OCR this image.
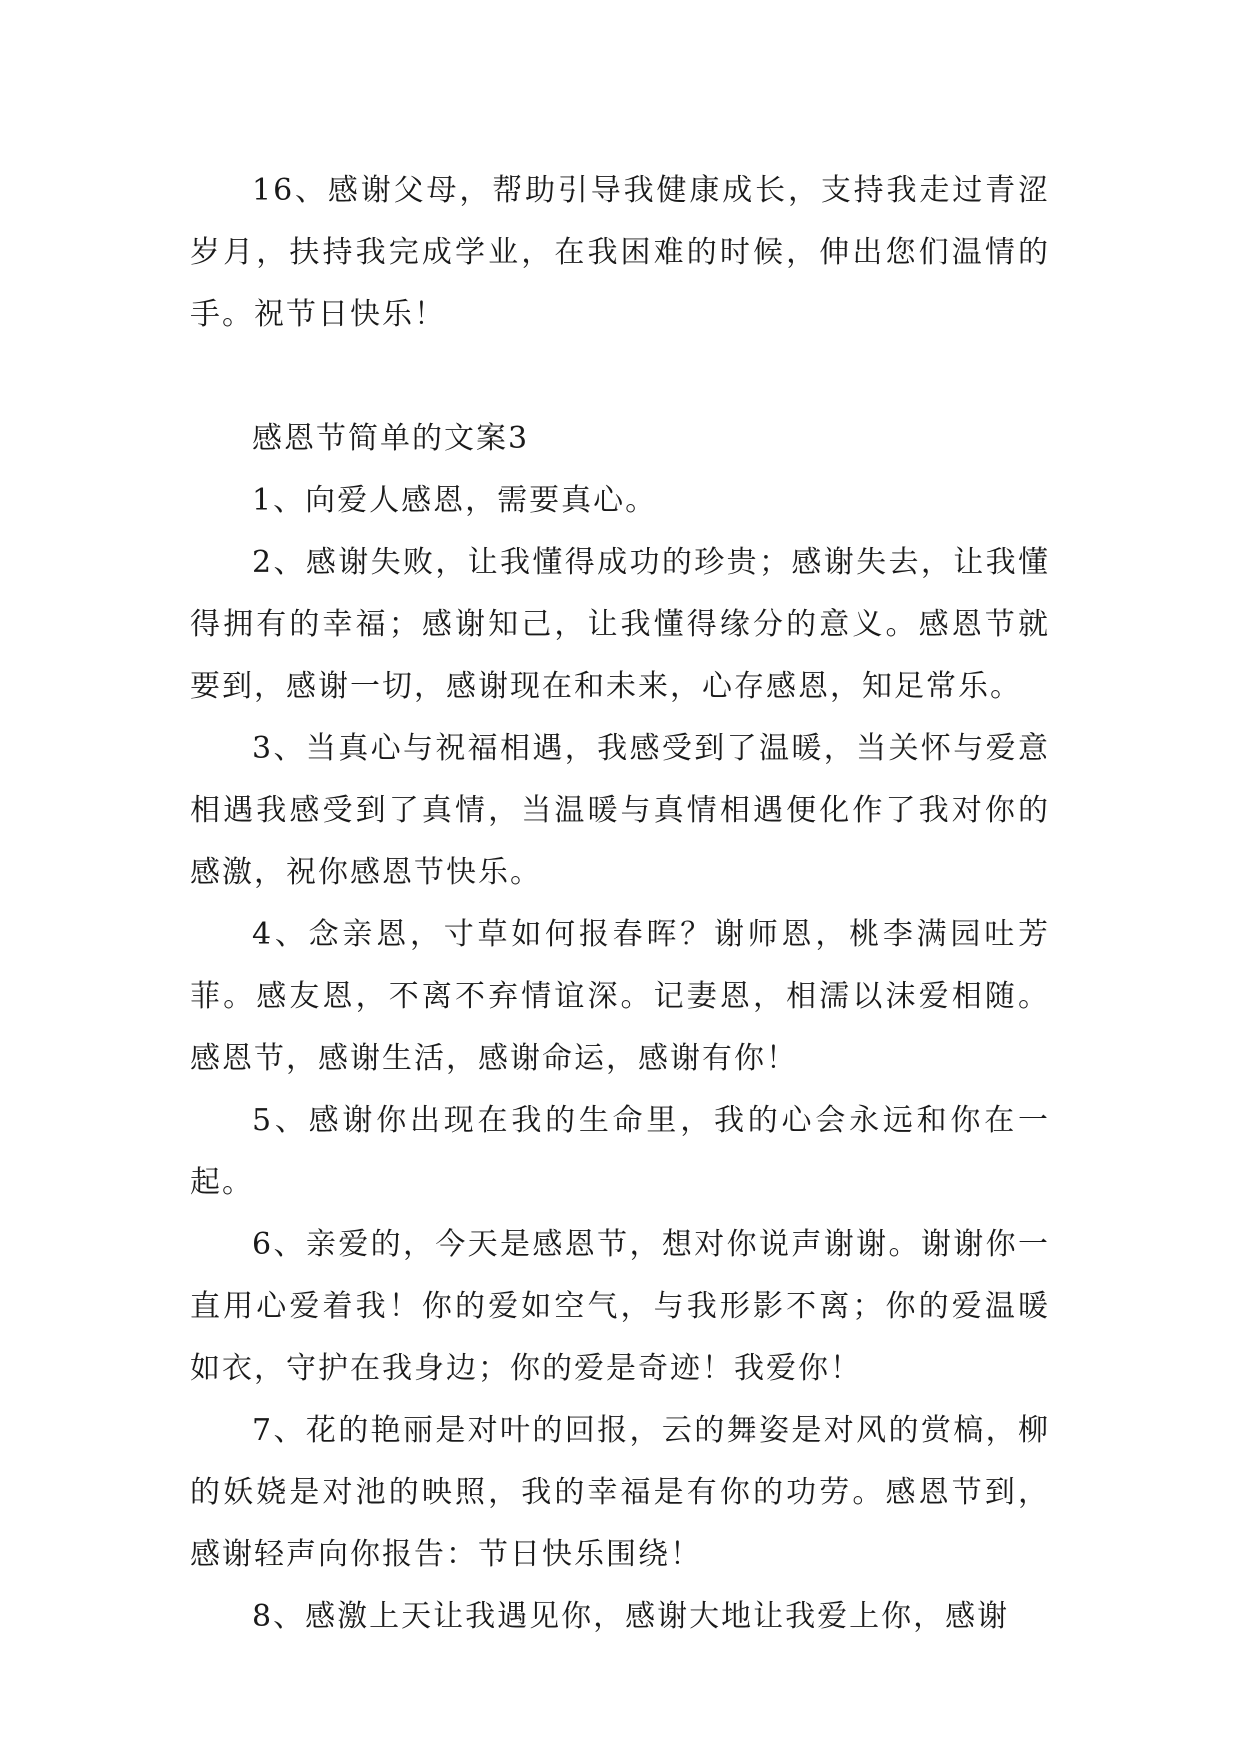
16、感谢父母，帮助引导我健康成长，支持我走过青涩岁月，扶持我完成学业，在我困难的时候，伸出您们温情的手。祝节日快乐！

感恩节简单的文案3

1、向爱人感恩，需要真心。

2、感谢失败，让我懂得成功的珍贵；感谢失去，让我懂得拥有的幸福；感谢知己，让我懂得缘分的意义。感恩节就要到，感谢一切，感谢现在和未来，心存感恩，知足常乐。

3、当真心与祝福相遇，我感受到了温暖，当关怀与爱意相遇我感受到了真情，当温暖与真情相遇便化作了我对你的感激，祝你感恩节快乐。

4、念亲恩，寸草如何报春晖？谢师恩，桃李满园吐芳菲。感友恩，不离不弃情谊深。记妻恩，相濡以沫爱相随。感恩节，感谢生活，感谢命运，感谢有你！

5、感谢你出现在我的生命里，我的心会永远和你在一起。

6、亲爱的，今天是感恩节，想对你说声谢谢。谢谢你一直用心爱着我！你的爱如空气，与我形影不离；你的爱温暖如衣，守护在我身边；你的爱是奇迹！我爱你！

7、花的艳丽是对叶的回报，云的舞姿是对风的赏槁，柳的妖娆是对池的映照，我的幸福是有你的功劳。感恩节到，感谢轻声向你报告：节日快乐围绕！

8、感激上天让我遇见你，感谢大地让我爱上你，感谢
